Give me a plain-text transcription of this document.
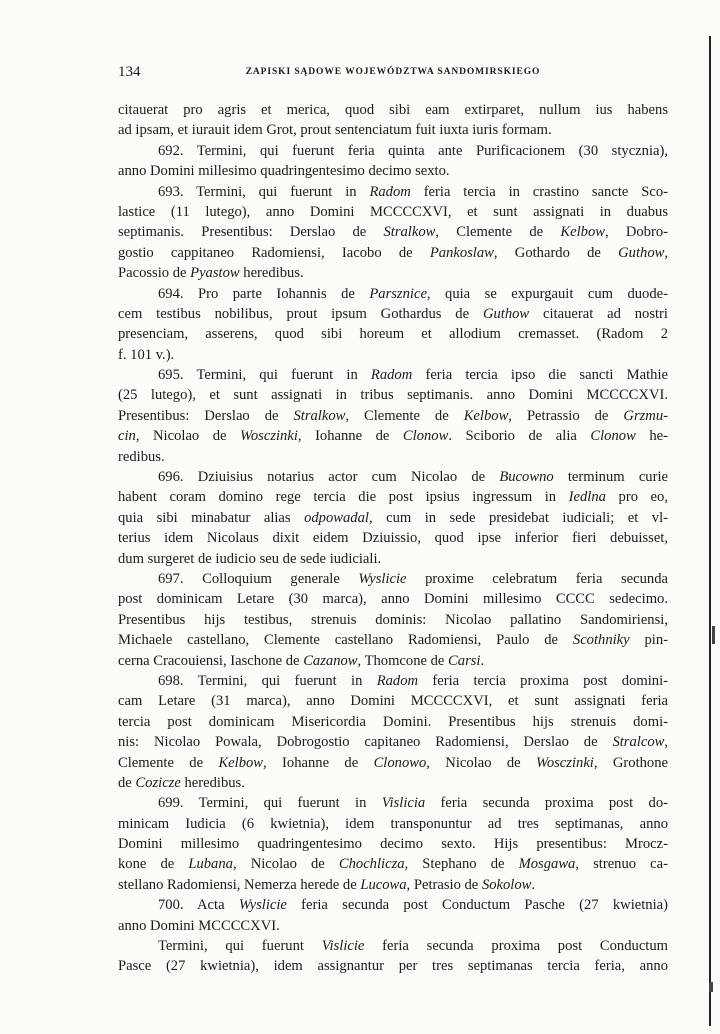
134	ZAPISKI SĄDOWE WOJEWÓDZTWA SANDOMIRSKIEGO
citauerat pro agris et merica, quod sibi eam extirparet, nullum ius habens
ad ipsam, et iurauit idem Grot, prout sentenciatum fuit iuxta iuris formam.
692. Termini, qui fuerunt feria quinta ante Purificacionem (30 stycznia),
anno Domini millesimo quadringentesimo decimo sexto.
693. Termini, qui fuerunt in Radom feria tercia in crastino sancte Sco-
lastice (11 lutego), anno Domini MCCCCXVI, et sunt assignati in duabus
septimanis. Presentibus: Derslao de Stralkow, Clemente de Kelbow, Dobro-
gostio cappitaneo Radomiensi, Iacobo de Pankoslaw, Gothardo de Guthow,
Pacossio de Pyastow heredibus.
694. Pro parte Iohannis de Parsznice, quia se expurgauit cum duode-
cem testibus nobilibus, prout ipsum Gothardus de Guthow citauerat ad nostri
presenciam, asserens, quod sibi horeum et allodium cremasset. (Radom 2
f. 101 v.).
695. Termini, qui fuerunt in Radom feria tercia ipso die sancti Mathie
(25 lutego), et sunt assignati in tribus septimanis. anno Domini MCCCCXVI.
Presentibus: Derslao de Stralkow, Clemente de Kelbow, Petrassio de Grzmu-
cin, Nicolao de Wosczinki, Iohanne de Clonow. Sciborio de alia Clonow he-
redibus.
696. Dziuisius notarius actor cum Nicolao de Bucowno terminum curie
habent coram domino rege tercia die post ipsius ingressum in Iedlna pro eo,
quia sibi minabatur alias odpowadal, cum in sede presidebat iudiciali; et vl-
terius idem Nicolaus dixit eidem Dziuissio, quod ipse inferior fieri debuisset,
dum surgeret de iudicio seu de sede iudiciali.
697. Colloquium generale Wyslicie proxime celebratum feria secunda
post dominicam Letare (30 marca), anno Domini millesimo CCCC sedecimo.
Presentibus hijs testibus, strenuis dominis: Nicolao pallatino Sandomiriensi,
Michaele castellano, Clemente castellano Radomiensi, Paulo de Scothniky pin-
cerna Cracouiensi, Iaschone de Cazanow, Thomcone de Carsi.
698. Termini, qui fuerunt in Radom feria tercia proxima post domini-
cam Letare (31 marca), anno Domini MCCCCXVI, et sunt assignati feria
tercia post dominicam Misericordia Domini. Presentibus hijs strenuis domi-
nis: Nicolao Powala, Dobrogostio capitaneo Radomiensi, Derslao de Stralcow,
Clemente de Kelbow, Iohanne de Clonowo, Nicolao de Wosczinki, Grothone
de Cozicze heredibus.
699. Termini, qui fuerunt in Vislicia feria secunda proxima post do-
minicam Iudicia (6 kwietnia), idem transponuntur ad tres septimanas, anno
Domini millesimo quadringentesimo decimo sexto. Hijs presentibus: Mrocz-
kone de Lubana, Nicolao de Chochlicza, Stephano de Mosgawa, strenuo ca-
stellano Radomiensi, Nemerza herede de Lucowa, Petrasio de Sokolow.
700. Acta Wyslicie feria secunda post Conductum Pasche (27 kwietnia)
anno Domini MCCCCXVI.
Termini, qui fuerunt Vislicie feria secunda proxima post Conductum
Pasce (27 kwietnia), idem assignantur per tres septimanas tercia feria, anno
